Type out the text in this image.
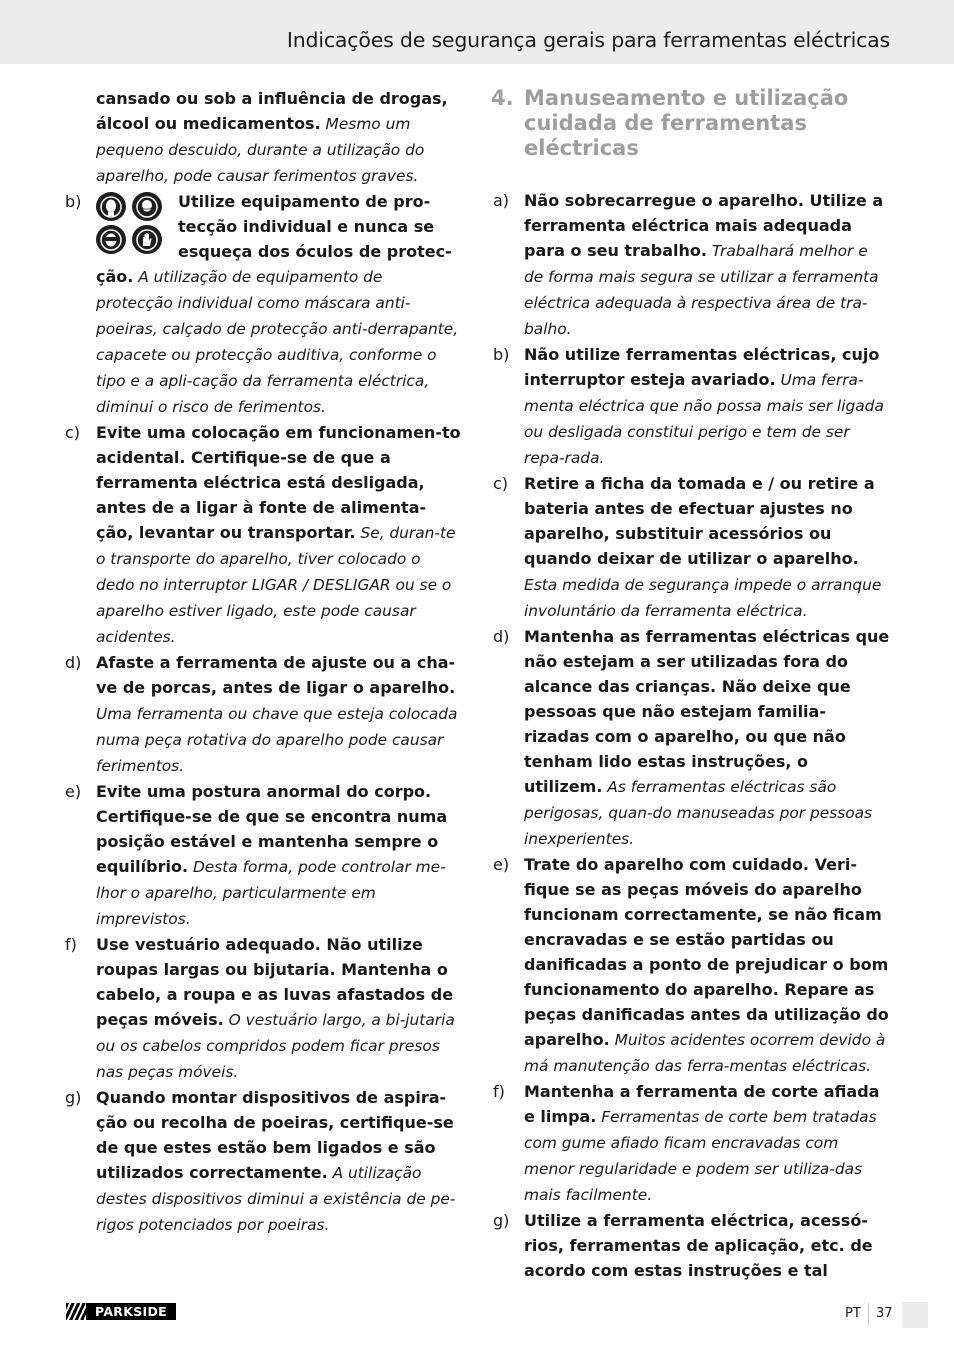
Indicações de segurança gerais para ferramentas eléctricas

cansado ou sob a influência de drogas, álcool ou medicamentos. Mesmo um pequeno descuido, durante a utilização do aparelho, pode causar ferimentos graves.

b)	Utilize equipamento de pro-tecção individual e nunca se esqueça dos óculos de protec-ção. A utilização de equipamento de protecção individual como máscara anti-poeiras, calçado de protecção anti-derrapante, capacete ou protecção auditiva, conforme o tipo e a apli-cação da ferramenta eléctrica, diminui o risco de ferimentos.
c) Evite uma colocação em funcionamen-to acidental. Certifique-se de que a ferramenta eléctrica está desligada, antes de a ligar à fonte de alimenta-ção, levantar ou transportar. Se, duran-te o transporte do aparelho, tiver colocado o dedo no interruptor LIGAR / DESLIGAR ou se o aparelho estiver ligado, este pode causar acidentes.
d) Afaste a ferramenta de ajuste ou a cha-ve de porcas, antes de ligar o aparelho. Uma ferramenta ou chave que esteja colocada numa peça rotativa do aparelho pode causar ferimentos.
e) Evite uma postura anormal do corpo. Certifique-se de que se encontra numa posição estável e mantenha sempre o equilíbrio. Desta forma, pode controlar me-lhor o aparelho, particularmente em imprevistos.
f) Use vestuário adequado. Não utilize roupas largas ou bijutaria. Mantenha o cabelo, a roupa e as luvas afastados de peças móveis. O vestuário largo, a bi-jutaria ou os cabelos compridos podem ficar presos nas peças móveis.
g) Quando montar dispositivos de aspira-ção ou recolha de poeiras, certifique-se de que estes estão bem ligados e são utilizados correctamente. A utilização destes dispositivos diminui a existência de pe-rigos potenciados por poeiras.
4. Manuseamento e utilização cuidada de ferramentas eléctricas
a) Não sobrecarregue o aparelho. Utilize a ferramenta eléctrica mais adequada para o seu trabalho. Trabalhará melhor e de forma mais segura se utilizar a ferramenta eléctrica adequada à respectiva área de tra-balho.
b) Não utilize ferramentas eléctricas, cujo interruptor esteja avariado. Uma ferra-menta eléctrica que não possa mais ser ligada ou desligada constitui perigo e tem de ser repa-rada.
c) Retire a ficha da tomada e / ou retire a bateria antes de efectuar ajustes no aparelho, substituir acessórios ou quando deixar de utilizar o aparelho. Esta medida de segurança impede o arranque involuntário da ferramenta eléctrica.
d) Mantenha as ferramentas eléctricas que não estejam a ser utilizadas fora do alcance das crianças. Não deixe que pessoas que não estejam familia-rizadas com o aparelho, ou que não tenham lido estas instruções, o utilizem. As ferramentas eléctricas são perigosas, quan-do manuseadas por pessoas inexperientes.
e) Trate do aparelho com cuidado. Veri-fique se as peças móveis do aparelho funcionam correctamente, se não ficam encravadas e se estão partidas ou danificadas a ponto de prejudicar o bom funcionamento do aparelho. Repare as peças danificadas antes da utilização do aparelho. Muitos acidentes ocorrem devido à má manutenção das ferra-mentas eléctricas.
f) Mantenha a ferramenta de corte afiada e limpa. Ferramentas de corte bem tratadas com gume afiado ficam encravadas com menor regularidade e podem ser utiliza-das mais facilmente.
g) Utilize a ferramenta eléctrica, acessó-rios, ferramentas de aplicação, etc. de acordo com estas instruções e tal
PARKSIDE	PT 37
